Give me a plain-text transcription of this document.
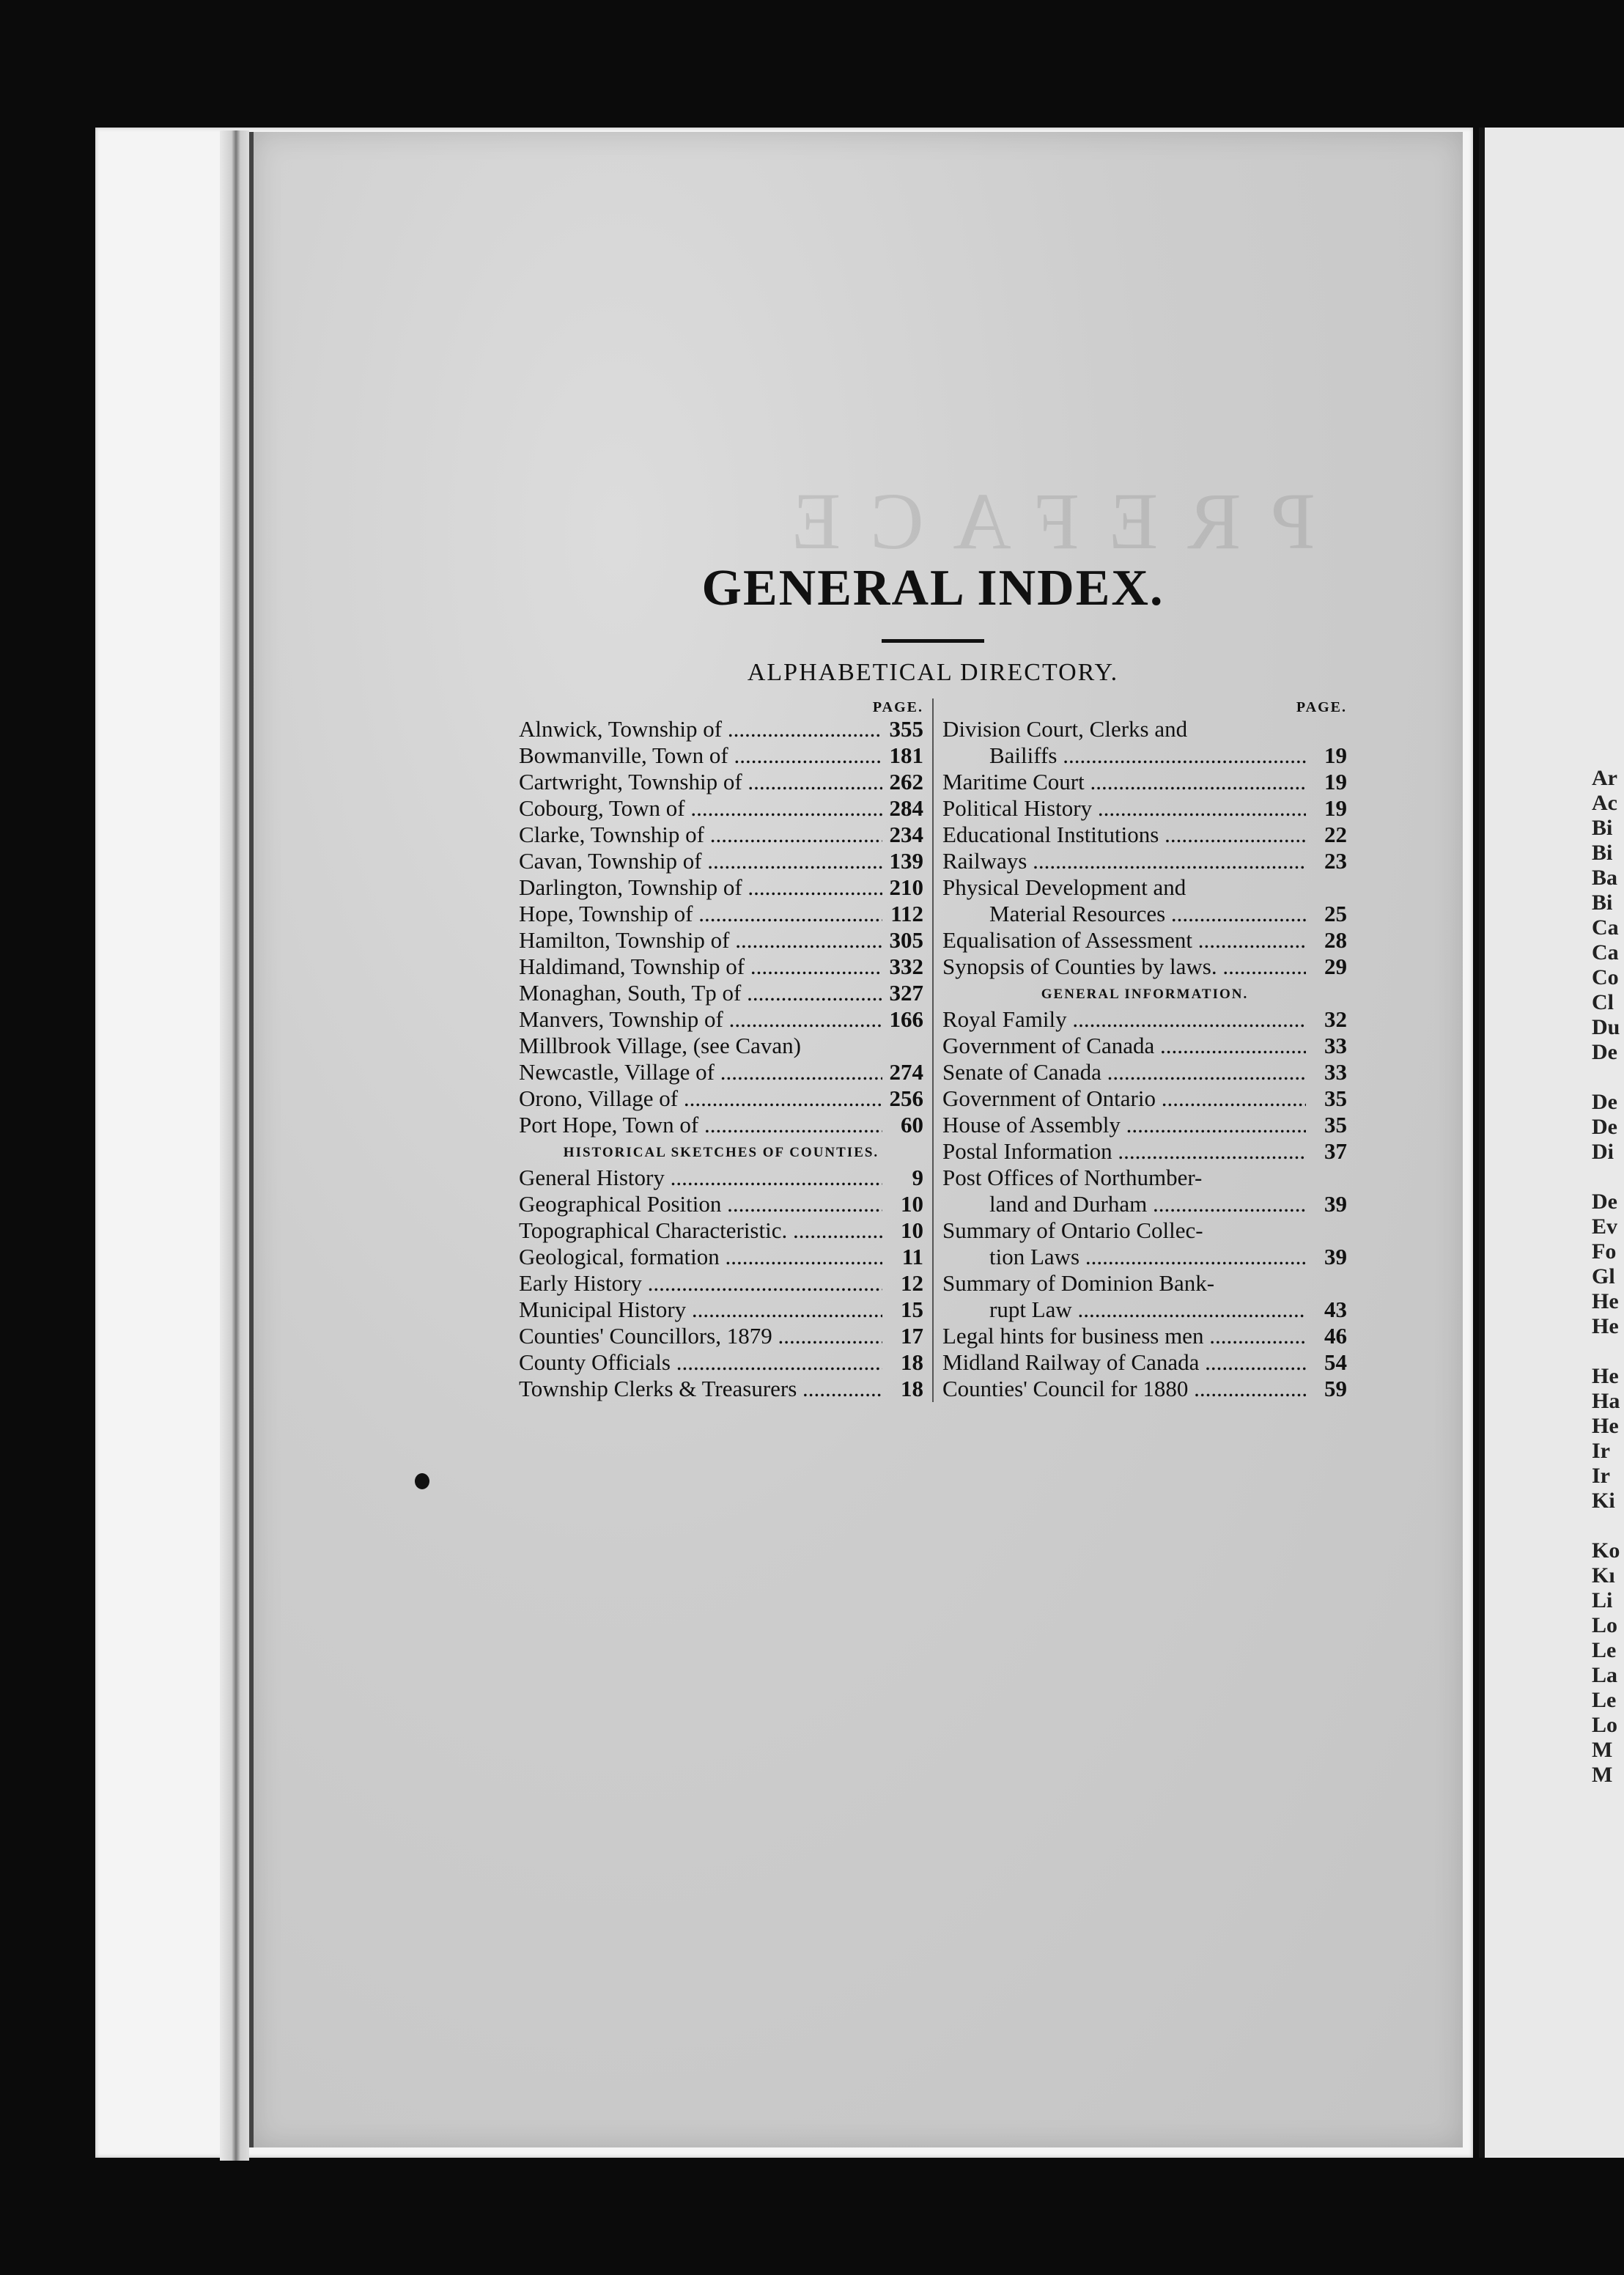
PREFACE
Ar
Ac
Bi
Bi
Ba
Bi
Ca
Ca
Co
Cl
Du
De
De
De
Di
De
Ev
Fo
Gl
He
He
He
Ha
He
Ir
Ir
Ki
Ko
Kı
Li
Lo
Le
La
Le
Lo
M
M
GENERAL INDEX.
ALPHABETICAL DIRECTORY.
PAGE.
Alnwick, Township of .....	355
Bowmanville, Town of .....	181
Cartwright, Township of .....	262
Cobourg, Town of .....	284
Clarke, Township of .....	234
Cavan, Township of .....	139
Darlington, Township of .....	210
Hope, Township of .....	112
Hamilton, Township of .....	305
Haldimand, Township of .....	332
Monaghan, South, Tp of .....	327
Manvers, Township of .....	166
Millbrook Village, (see Cavan)
Newcastle, Village of .....	274
Orono, Village of .....	256
Port Hope, Town of .....	60
HISTORICAL SKETCHES OF COUNTIES.
General History .....	9
Geographical Position .....	10
Topographical Characteristic. .....	10
Geological, formation .....	11
Early History .....	12
Municipal History .....	15
Counties' Councillors, 1879 .....	17
County Officials .....	18
Township Clerks & Treasurers .....	18
PAGE.
Division Court, Clerks and
Bailiffs .....	19
Maritime Court .....	19
Political History .....	19
Educational Institutions .....	22
Railways .....	23
Physical Development and
Material Resources .....	25
Equalisation of Assessment .....	28
Synopsis of Counties by laws. .....	29
GENERAL INFORMATION.
Royal Family .....	32
Government of Canada .....	33
Senate of Canada .....	33
Government of Ontario .....	35
House of Assembly .....	35
Postal Information .....	37
Post Offices of Northumber-
land and Durham .....	39
Summary of Ontario Collec-
tion Laws .....	39
Summary of Dominion Bank-
rupt Law .....	43
Legal hints for business men .....	46
Midland Railway of Canada .....	54
Counties' Council for 1880 .....	59
